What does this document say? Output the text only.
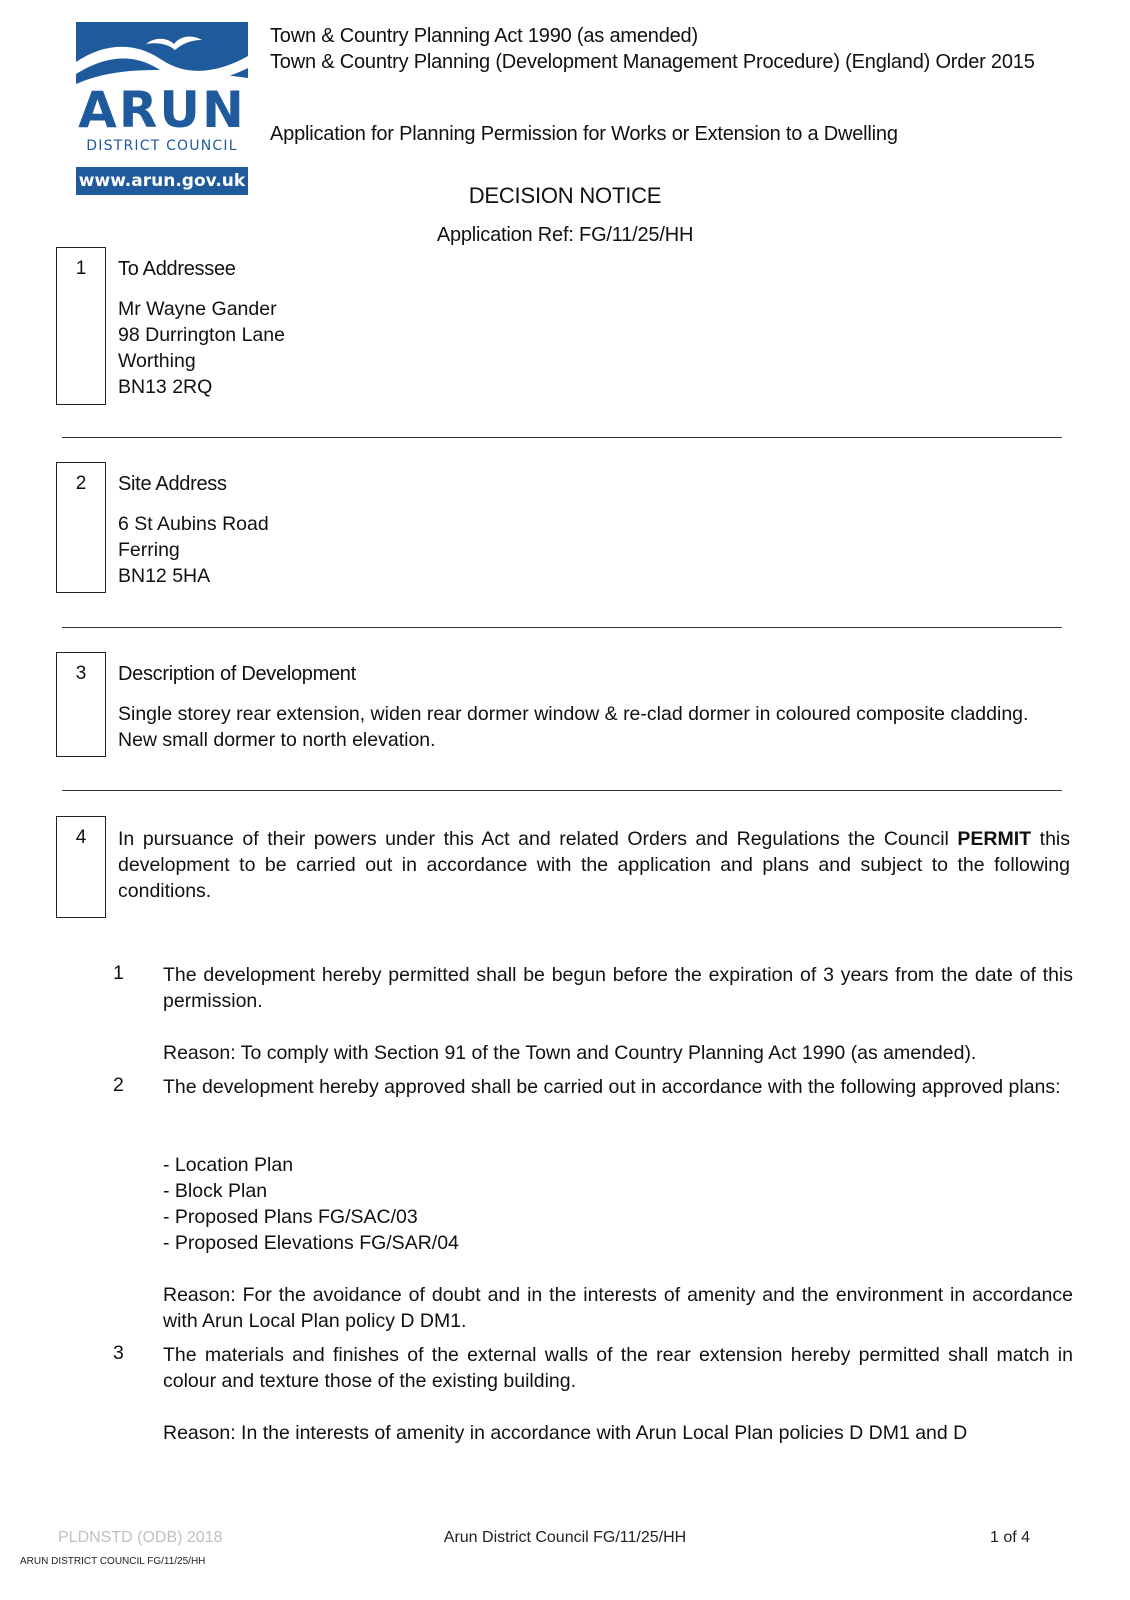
ARUN
DISTRICT COUNCIL
www.arun.gov.uk
Town & Country Planning Act 1990 (as amended)
Town & Country Planning (Development Management Procedure) (England) Order 2015
Application for Planning Permission for Works or Extension to a Dwelling
DECISION NOTICE
Application Ref: FG/11/25/HH
1	To Addressee
Mr Wayne Gander
98 Durrington Lane
Worthing
BN13 2RQ
2	Site Address
6 St Aubins Road
Ferring
BN12 5HA
3	Description of Development
Single storey rear extension, widen rear dormer window & re-clad dormer in coloured composite cladding. New small dormer to north elevation.
4	In pursuance of their powers under this Act and related Orders and Regulations the Council PERMIT this development to be carried out in accordance with the application and plans and subject to the following conditions.
1 The development hereby permitted shall be begun before the expiration of 3 years from the date of this permission.
Reason: To comply with Section 91 of the Town and Country Planning Act 1990 (as amended).
2 The development hereby approved shall be carried out in accordance with the following approved plans:
- Location Plan
- Block Plan
- Proposed Plans FG/SAC/03
- Proposed Elevations FG/SAR/04
Reason: For the avoidance of doubt and in the interests of amenity and the environment in accordance with Arun Local Plan policy D DM1.
3 The materials and finishes of the external walls of the rear extension hereby permitted shall match in colour and texture those of the existing building.
Reason: In the interests of amenity in accordance with Arun Local Plan policies D DM1 and D
PLDNSTD (ODB) 2018	Arun District Council FG/11/25/HH	1 of 4
ARUN DISTRICT COUNCIL FG/11/25/HH
